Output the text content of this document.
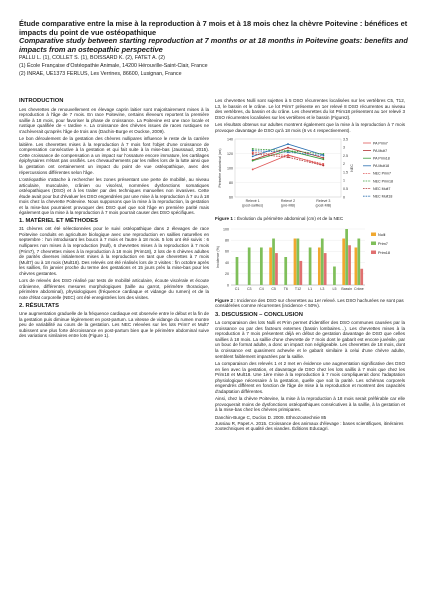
Étude comparative entre la mise à la reproduction à 7 mois et à 18 mois chez la chèvre Poitevine : bénéfices et impacts du point de vue ostéopathique

Comparative study between starting reproduction at 7 months or at 18 months in Poitevine goats: benefits and impacts from an osteopathic perspective

PALLU L. (1), COLLET S. (1), BOISSARD K. (2), FATET A. (2)
(1) École Française d'Ostéopathie Animale, 14200 Hérouville-Saint-Clair, France
(2) INRAE, UE1373 FERLUS, Les Verrines, 86600, Lusignan, France

INTRODUCTION

Les chevrettes de renouvellement en élevage caprin laitier sont majoritairement mises à la reproduction à l'âge de 7 mois. En race Poitevine, certains éleveurs reportent la première saillie à 18 mois, pour favoriser la phase de croissance. La Poitevine est une race locale et rustique qualifiée de « tardive ». La croissance des chèvres issues de races rustiques ne s'achèverait qu'après l'âge de trois ans (Dachin-Burge et Ouckse, 2009).

Le bon déroulement de la gestation des chèvres nullipares influence le reste de la carrière laitière. Les chevrettes mises à la reproduction à 7 mois font l'objet d'une croissance de compensation consécutive à la gestation et qui fait suite à la mise-bas (Jaussaud, 2015). Cette croissance de compensation a un impact sur l'ossature encore immature, les cartilages épiphysaires n'étant pas ossifiés. Les chevauchements par les milles lors de la lutte ainsi que la gestation ont certainement un impact du point de vue ostéopathique, avec des répercussions différentes selon l'âge.

L'ostéopathie s'attache à rechercher les zones présentant une perte de mobilité, au niveau articulaire, musculaire, crânien ou viscéral, nommées dysfonctions somatiques ostéopathiques (DSO) et à les traiter par des techniques manuelles non invasives. Cette étude avait pour but d'évaluer les DSO engendrées par une mise à la reproduction à 7 ou à 18 mois chez la chevrette Poitevine. Nous supposons que la mise à la reproduction, la gestation et la mise-bas pourraient provoquer des DSO quel que soit l'âge en première parité mais également que la mise à la reproduction à 7 mois pourrait causer des DSO spécifiques.

1. MATÉRIEL ET MÉTHODES

31 chèvres ont été sélectionnées pour le suivi ostéopathique dans 2 élevages de race Poitevine conduits en agriculture biologique avec une reproduction en saillies naturelles en septembre : l'un introduisant les boucs à 7 mois et l'autre à 18 mois. 5 lots ont été suivis : 6 nullipares non mises à la reproduction (Null), 6 chevrettes mises à la reproduction à 7 mois (Prim7), 7 chevrettes mises à la reproduction à 18 mois (Prim18), 2 lots de 6 chèvres adultes de parités diverses initialement mises à la reproduction en tant que chevrettes à 7 mois (Mult7) ou à 18 mois (Mult18). Des relevés ont été réalisés lors de 3 visites : fin octobre après les saillies, fin janvier proche du terme des gestations et 15 jours près la mise-bas pour les chèvres gestantes.

Lors de relevés des DSO réalisé par tests de mobilité articulaire, écoute viscérale et écoute crânienne, différentes mesures morphologiques (taille au garrot, périmètre thoracique, périmètre abdominal), physiologiques (fréquence cardiaque et vidange du rumen) et de la note d'état corporelle (NEC) ont été enregistrées lors des visites.

2. RÉSULTATS

Une augmentation graduelle de la fréquence cardiaque est observée entre le début et la fin de la gestation puis diminue légèrement en post-partum. La vitesse de vidange du rumen montre peu de variabilité au cours de la gestation. Les NEC relevées sur les lots Prim7 et Mult7 subissent une plus forte décroissance en post-partum bien que le périmètre abdominal suive des variations similaires entre lots (Figure 1).

Les chevrettes Nulli sont sujettes à 5 DSO récurrentes localisées sur les vertèbres C5, T12, L3, le bassin et le crâne. Le lot Prim7 présente en 1er relevé 8 DSO récurrentes au niveau des vertèbres, du bassin et du crâne. Les chevrettes du lot Prim18 présentent au 1er relevé 3 DSO récurrentes localisées sur les vertèbres et le bassin (Figure2).

Les résultats obtenus sur adultes montrent également que la mise à la reproduction à 7 mois provoque davantage de DSO qu'à 18 mois (6 vs 4 respectivement).

60
80
100
120
140
0
0.5
1
1.5
2
2.5
3
3.5
Relevé 1
(post-saillies)
Relevé 2
(pré-MB)
Relevé 3
(post-MB)
Périmètre abdominal (cm)	NEC
PA Prim7
PA Mult7
PA Prim18
PA Mult18
NEC Prim7
NEC Prim18
NEC Mult7
NEC Mult18

Figure 1 : Évolution du périmètre abdominal (cm) et de la NEC

0
20
40
60
80
100
Incidence (%)
C1 C3 C4 C5 T6 T12 L1 L3 L5 Bassin Crâne
Nulli
Prim7
Prim18

Figure 2 : Incidence des DSO sur chevrettes au 1er relevé. Les DSO hachurées ne sont pas considérées comme récurrentes (incidence < 50%).

3. DISCUSSION – CONCLUSION

La comparaison des lots Nulli et Prim permet d'identifier des DSO communes causées par la croissance ou par des facteurs externes (bassin lombaires…). Les chevrettes mises à la reproduction à 7 mois présentent déjà en début de gestation davantage de DSO que celles saillies à 18 mois. La saillie d'une chevrette de 7 mois dont le gabarit est encore juvénile, par un bouc de format adulte, a donc un impact non négligeable. Les chevrettes de 18 mois, dont la croissance est quasiment achevée et le gabarit similaire à celui d'une chèvre adulte, semblent faiblement impactées par la saillie.

La comparaison des relevés 1 et 2 met en évidence une augmentation significative des DSO en lien avec la gestation, et davantage de DSO chez les lots saillis à 7 mois que chez les Prim18 et Mult18. Une 1ère mise à la reproduction à 7 mois compliquerait donc l'adaptation physiologique nécessaire à la gestation, quelle que soit la parité. Les schémas corporels engendrés diffèrent en fonction de l'âge de mise à la reproduction et montrent des capacités d'adaptation différentes.

Ainsi, chez la chèvre Poitevine, la mise à la reproduction à 18 mois serait préférable car elle provoquerait moins de dysfonctions ostéopathiques consécutives à la saillie, à la gestation et à la mise-bas chez les chèvres primipares.

Danchin-Burge C, Duclos D. 2009. Ethnozootechnie 85

Jussiau R, Papet A. 2015. Croissance des animaux d'élevage : bases scientifiques, itinéraires zootechniques et qualité des viandes. Éditions Educagri.
